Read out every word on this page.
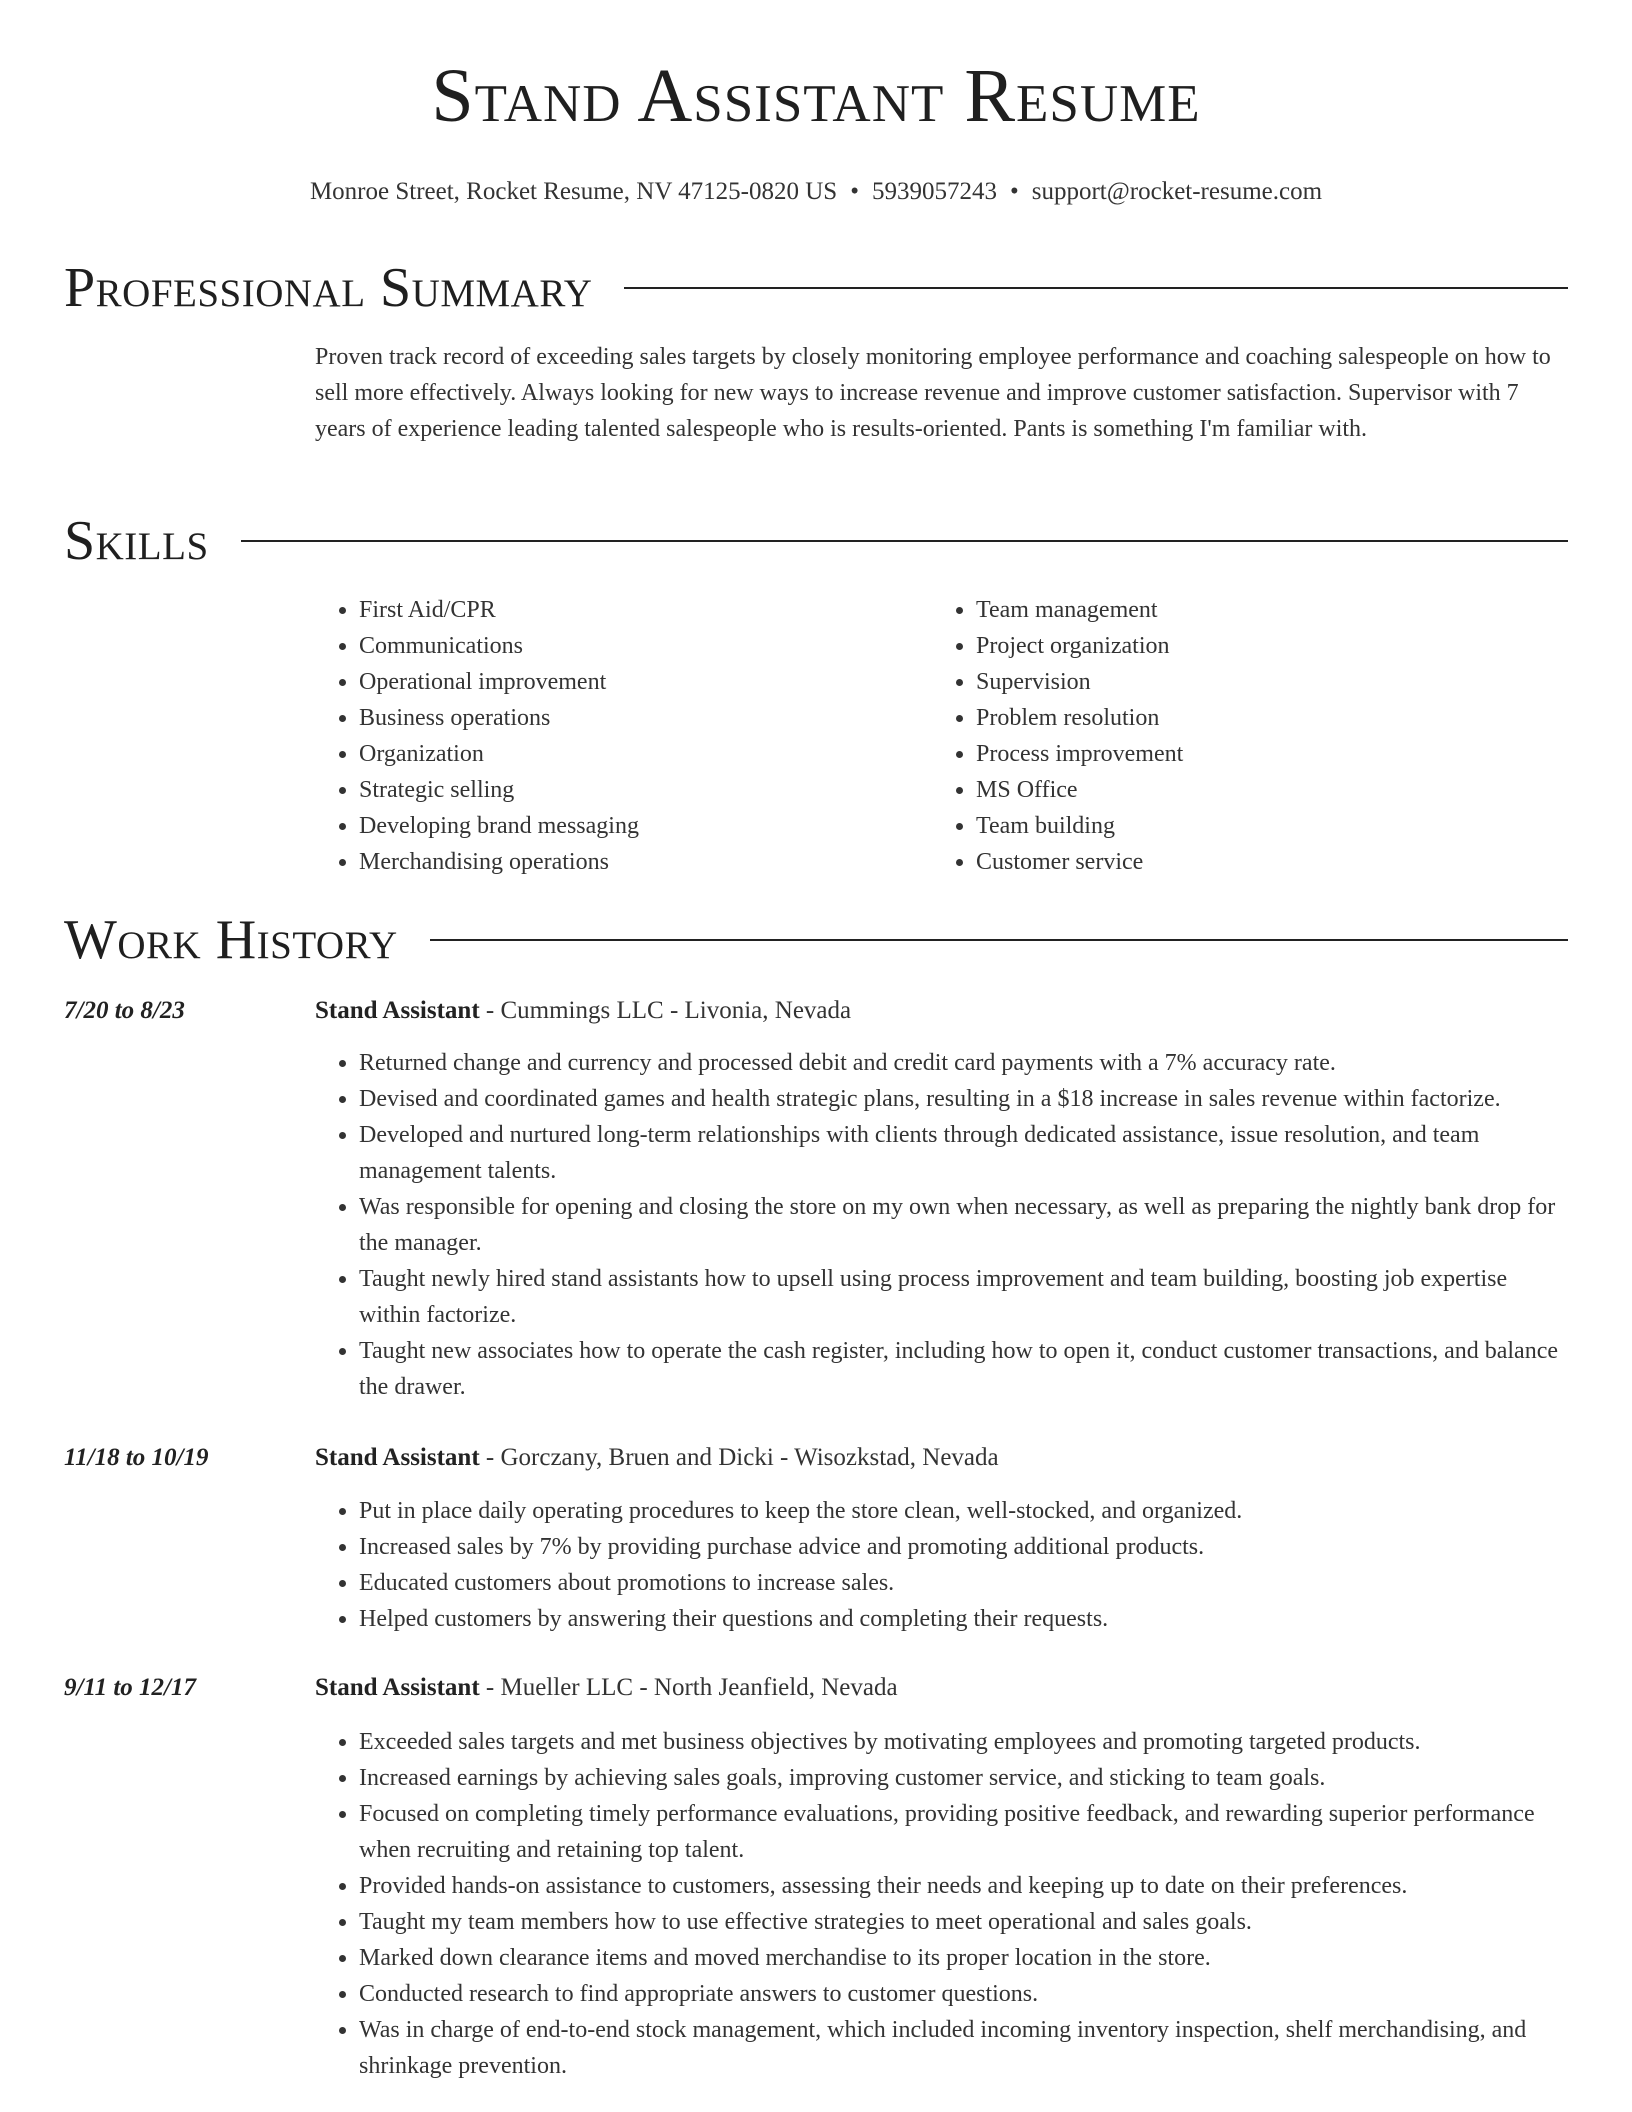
Stand Assistant Resume
Monroe Street, Rocket Resume, NV 47125-0820 US • 5939057243 • support@rocket-resume.com
Professional Summary

Proven track record of exceeding sales targets by closely monitoring employee performance and coaching salespeople on how to sell more effectively. Always looking for new ways to increase revenue and improve customer satisfaction. Supervisor with 7 years of experience leading talented salespeople who is results-oriented. Pants is something I'm familiar with.

Skills
• First Aid/CPR
• Communications
• Operational improvement
• Business operations
• Organization
• Strategic selling
• Developing brand messaging
• Merchandising operations
• Team management
• Project organization
• Supervision
• Problem resolution
• Process improvement
• MS Office
• Team building
• Customer service
Work History
7/20 to 8/23	Stand Assistant - Cummings LLC - Livonia, Nevada
• Returned change and currency and processed debit and credit card payments with a 7% accuracy rate.
• Devised and coordinated games and health strategic plans, resulting in a $18 increase in sales revenue within factorize.
• Developed and nurtured long-term relationships with clients through dedicated assistance, issue resolution, and team management talents.
• Was responsible for opening and closing the store on my own when necessary, as well as preparing the nightly bank drop for the manager.
• Taught newly hired stand assistants how to upsell using process improvement and team building, boosting job expertise within factorize.
• Taught new associates how to operate the cash register, including how to open it, conduct customer transactions, and balance the drawer.
11/18 to 10/19	Stand Assistant - Gorczany, Bruen and Dicki - Wisozkstad, Nevada
• Put in place daily operating procedures to keep the store clean, well-stocked, and organized.
• Increased sales by 7% by providing purchase advice and promoting additional products.
• Educated customers about promotions to increase sales.
• Helped customers by answering their questions and completing their requests.
9/11 to 12/17	Stand Assistant - Mueller LLC - North Jeanfield, Nevada
• Exceeded sales targets and met business objectives by motivating employees and promoting targeted products.
• Increased earnings by achieving sales goals, improving customer service, and sticking to team goals.
• Focused on completing timely performance evaluations, providing positive feedback, and rewarding superior performance when recruiting and retaining top talent.
• Provided hands-on assistance to customers, assessing their needs and keeping up to date on their preferences.
• Taught my team members how to use effective strategies to meet operational and sales goals.
• Marked down clearance items and moved merchandise to its proper location in the store.
• Conducted research to find appropriate answers to customer questions.
• Was in charge of end-to-end stock management, which included incoming inventory inspection, shelf merchandising, and shrinkage prevention.
